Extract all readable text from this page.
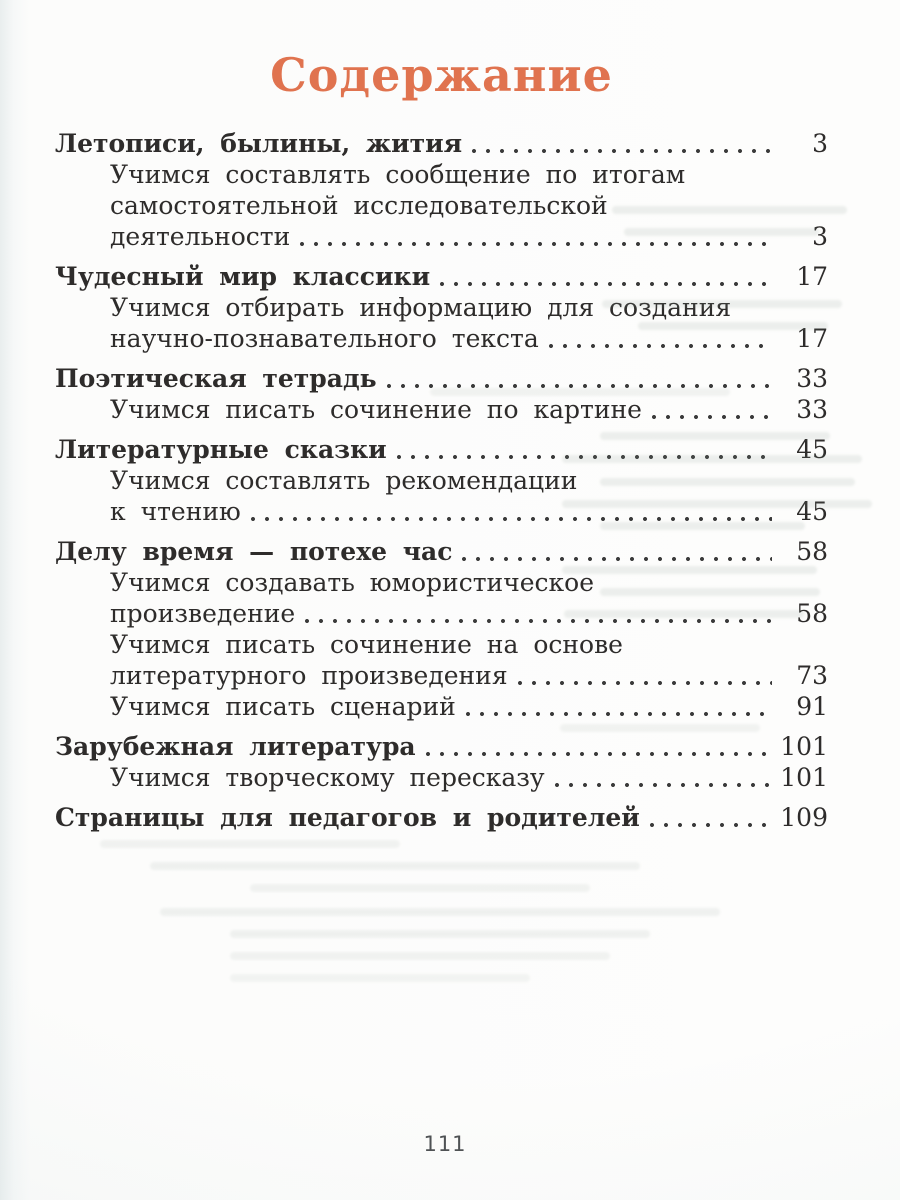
Содержание
Летописи, былины, жития	3
Учимся составлять сообщение по итогам
самостоятельной исследовательской
деятельности	3
Чудесный мир классики	17
Учимся отбирать информацию для создания
научно-познавательного текста	17
Поэтическая тетрадь	33
Учимся писать сочинение по картине	33
Литературные сказки	45
Учимся составлять рекомендации
к чтению	45
Делу время — потехе час	58
Учимся создавать юмористическое
произведение	58
Учимся писать сочинение на основе
литературного произведения	73
Учимся писать сценарий	91
Зарубежная литература	101
Учимся творческому пересказу	101
Страницы для педагогов и родителей	109
111
